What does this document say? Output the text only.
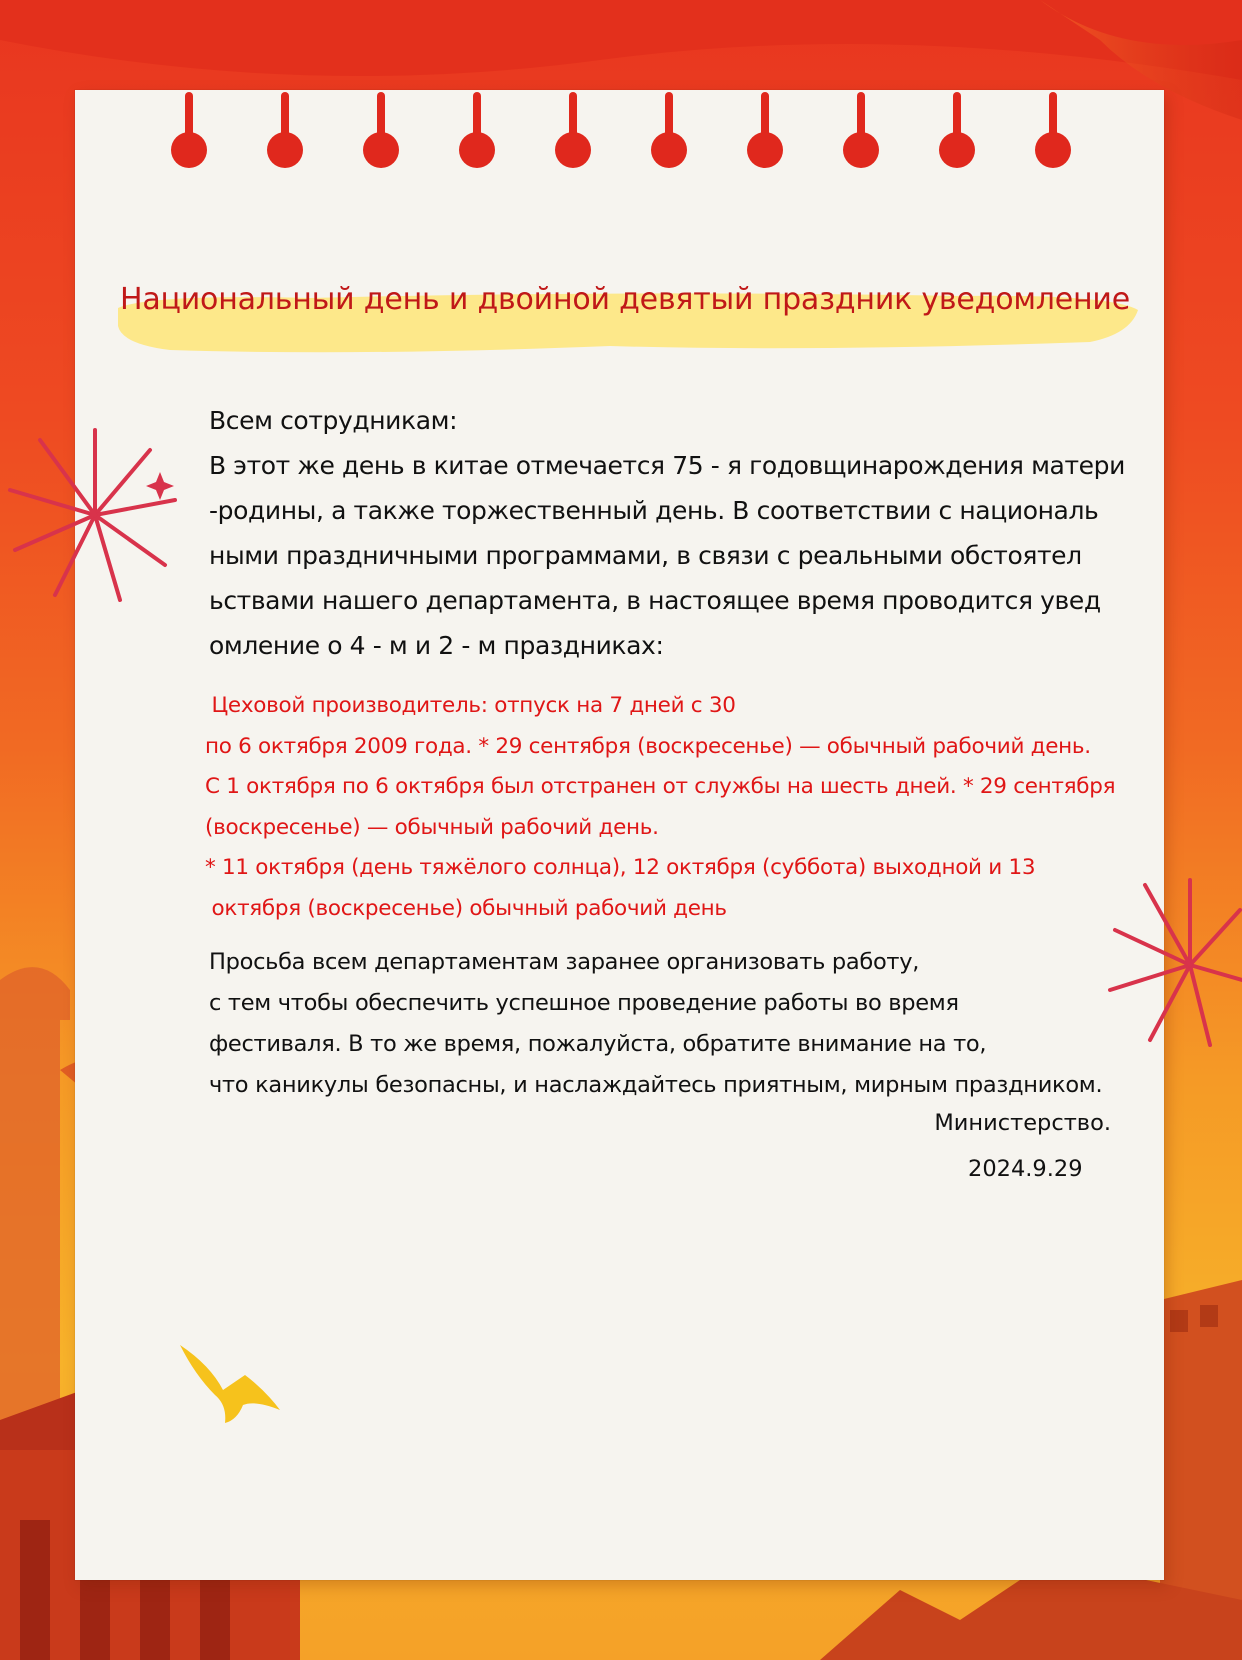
Национальный день и двойной девятый праздник уведомление
Всем сотрудникам:
В этот же день в китае отмечается 75 - я годовщинарождения матери
-родины, а также торжественный день. В соответствии с националь
ными праздничными программами, в связи с реальными обстоятел
ьствами нашего департамента, в настоящее время проводится увед
омление о 4 - м и 2 - м праздниках:
Цеховой производитель: отпуск на 7 дней с 30
по 6 октября 2009 года. * 29 сентября (воскресенье) — обычный рабочий день.
С 1 октября по 6 октября был отстранен от службы на шесть дней. * 29 сентября
(воскресенье) — обычный рабочий день.
* 11 октября (день тяжёлого солнца), 12 октября (суббота) выходной и 13
октября (воскресенье) обычный рабочий день
Просьба всем департаментам заранее организовать работу,
с тем чтобы обеспечить успешное проведение работы во время
фестиваля. В то же время, пожалуйста, обратите внимание на то,
что каникулы безопасны, и наслаждайтесь приятным, мирным праздником.
Министерство.
2024.9.29
